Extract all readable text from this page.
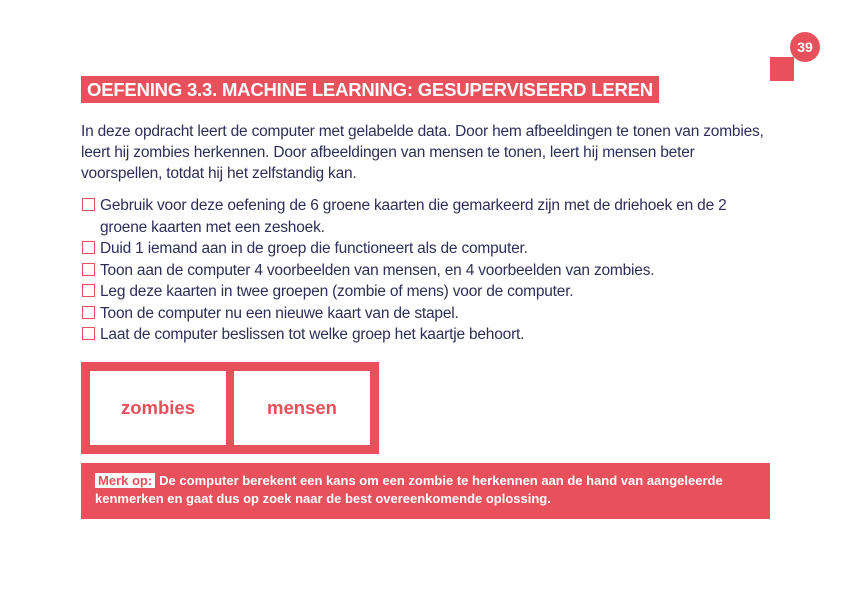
39
OEFENING 3.3. MACHINE LEARNING: GESUPERVISEERD LEREN

In deze opdracht leert de computer met gelabelde data. Door hem afbeeldingen te tonen van zombies, leert hij zombies herkennen. Door afbeeldingen van mensen te tonen, leert hij mensen beter voorspellen, totdat hij het zelfstandig kan.

Gebruik voor deze oefening de 6 groene kaarten die gemarkeerd zijn met de driehoek en de 2 groene kaarten met een zeshoek.
Duid 1 iemand aan in de groep die functioneert als de computer.
Toon aan de computer 4 voorbeelden van mensen, en 4 voorbeelden van zombies.
Leg deze kaarten in twee groepen (zombie of mens) voor de computer.
Toon de computer nu een nieuwe kaart van de stapel.
Laat de computer beslissen tot welke groep het kaartje behoort.
zombies	mensen
Merk op: De computer berekent een kans om een zombie te herkennen aan de hand van aangeleerde kenmerken en gaat dus op zoek naar de best overeenkomende oplossing.
